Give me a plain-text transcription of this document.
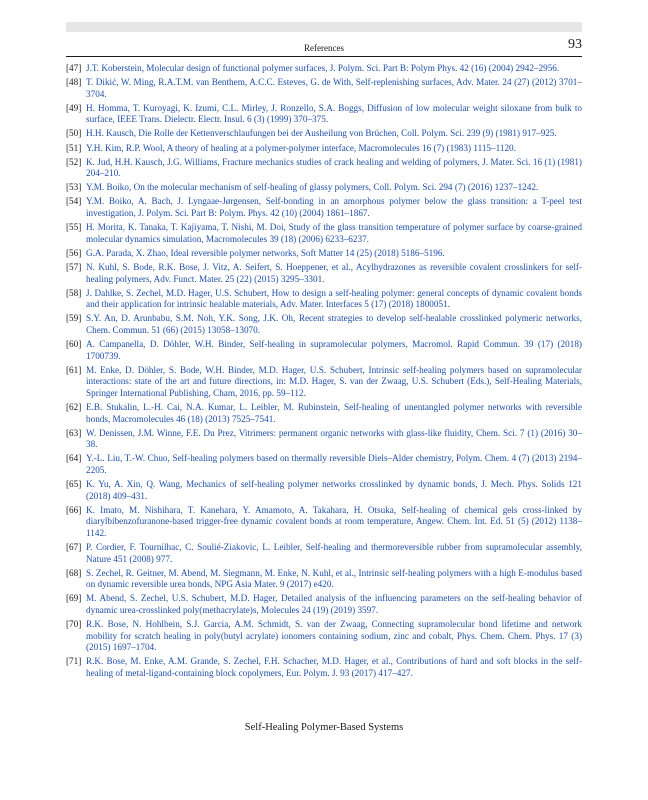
References	93
[47] J.T. Koberstein, Molecular design of functional polymer surfaces, J. Polym. Sci. Part B: Polym Phys. 42 (16) (2004) 2942–2956.
[48] T. Dikić, W. Ming, R.A.T.M. van Benthem, A.C.C. Esteves, G. de With, Self-replenishing surfaces, Adv. Mater. 24 (27) (2012) 3701–3704.
[49] H. Homma, T. Kuroyagi, K. Izumi, C.L. Mirley, J. Ronzello, S.A. Boggs, Diffusion of low molecular weight siloxane from bulk to surface, IEEE Trans. Dielectr. Electr. Insul. 6 (3) (1999) 370–375.
[50] H.H. Kausch, Die Rolle der Kettenverschlaufungen bei der Ausheilung von Brüchen, Coll. Polym. Sci. 239 (9) (1981) 917–925.
[51] Y.H. Kim, R.P. Wool, A theory of healing at a polymer-polymer interface, Macromolecules 16 (7) (1983) 1115–1120.
[52] K. Jud, H.H. Kausch, J.G. Williams, Fracture mechanics studies of crack healing and welding of polymers, J. Mater. Sci. 16 (1) (1981) 204–210.
[53] Y.M. Boiko, On the molecular mechanism of self-healing of glassy polymers, Coll. Polym. Sci. 294 (7) (2016) 1237–1242.
[54] Y.M. Boiko, A. Bach, J. Lyngaae-Jørgensen, Self-bonding in an amorphous polymer below the glass transition: a T-peel test investigation, J. Polym. Sci. Part B: Polym. Phys. 42 (10) (2004) 1861–1867.
[55] H. Morita, K. Tanaka, T. Kajiyama, T. Nishi, M. Doi, Study of the glass transition temperature of polymer surface by coarse-grained molecular dynamics simulation, Macromolecules 39 (18) (2006) 6233–6237.
[56] G.A. Parada, X. Zhao, Ideal reversible polymer networks, Soft Matter 14 (25) (2018) 5186–5196.
[57] N. Kuhl, S. Bode, R.K. Bose, J. Vitz, A. Seifert, S. Hoeppener, et al., Acylhydrazones as reversible covalent crosslinkers for self-healing polymers, Adv. Funct. Mater. 25 (22) (2015) 3295–3301.
[58] J. Dahlke, S. Zechel, M.D. Hager, U.S. Schubert, How to design a self-healing polymer: general concepts of dynamic covalent bonds and their application for intrinsic healable materials, Adv. Mater. Interfaces 5 (17) (2018) 1800051.
[59] S.Y. An, D. Arunbabu, S.M. Noh, Y.K. Song, J.K. Oh, Recent strategies to develop self-healable crosslinked polymeric networks, Chem. Commun. 51 (66) (2015) 13058–13070.
[60] A. Campanella, D. Döhler, W.H. Binder, Self-healing in supramolecular polymers, Macromol. Rapid Commun. 39 (17) (2018) 1700739.
[61] M. Enke, D. Döhler, S. Bode, W.H. Binder, M.D. Hager, U.S. Schubert, Intrinsic self-healing polymers based on supramolecular interactions: state of the art and future directions, in: M.D. Hager, S. van der Zwaag, U.S. Schubert (Eds.), Self-Healing Materials, Springer International Publishing, Cham, 2016, pp. 59–112.
[62] E.B. Stukalin, L.-H. Cai, N.A. Kumar, L. Leibler, M. Rubinstein, Self-healing of unentangled polymer networks with reversible bonds, Macromolecules 46 (18) (2013) 7525–7541.
[63] W. Denissen, J.M. Winne, F.E. Du Prez, Vitrimers: permanent organic networks with glass-like fluidity, Chem. Sci. 7 (1) (2016) 30–38.
[64] Y.-L. Liu, T.-W. Chuo, Self-healing polymers based on thermally reversible Diels–Alder chemistry, Polym. Chem. 4 (7) (2013) 2194–2205.
[65] K. Yu, A. Xin, Q. Wang, Mechanics of self-healing polymer networks crosslinked by dynamic bonds, J. Mech. Phys. Solids 121 (2018) 409–431.
[66] K. Imato, M. Nishihara, T. Kanehara, Y. Amamoto, A. Takahara, H. Otsuka, Self-healing of chemical gels cross-linked by diarylbibenzofuranone-based trigger-free dynamic covalent bonds at room temperature, Angew. Chem. Int. Ed. 51 (5) (2012) 1138–1142.
[67] P. Cordier, F. Tournilhac, C. Soulié-Ziakovic, L. Leibler, Self-healing and thermoreversible rubber from supramolecular assembly, Nature 451 (2008) 977.
[68] S. Zechel, R. Geitner, M. Abend, M. Siegmann, M. Enke, N. Kuhl, et al., Intrinsic self-healing polymers with a high E-modulus based on dynamic reversible urea bonds, NPG Asia Mater. 9 (2017) e420.
[69] M. Abend, S. Zechel, U.S. Schubert, M.D. Hager, Detailed analysis of the influencing parameters on the self-healing behavior of dynamic urea-crosslinked poly(methacrylate)s, Molecules 24 (19) (2019) 3597.
[70] R.K. Bose, N. Hohlbein, S.J. Garcia, A.M. Schmidt, S. van der Zwaag, Connecting supramolecular bond lifetime and network mobility for scratch healing in poly(butyl acrylate) ionomers containing sodium, zinc and cobalt, Phys. Chem. Chem. Phys. 17 (3) (2015) 1697–1704.
[71] R.K. Bose, M. Enke, A.M. Grande, S. Zechel, F.H. Schacher, M.D. Hager, et al., Contributions of hard and soft blocks in the self-healing of metal-ligand-containing block copolymers, Eur. Polym. J. 93 (2017) 417–427.
Self-Healing Polymer-Based Systems
